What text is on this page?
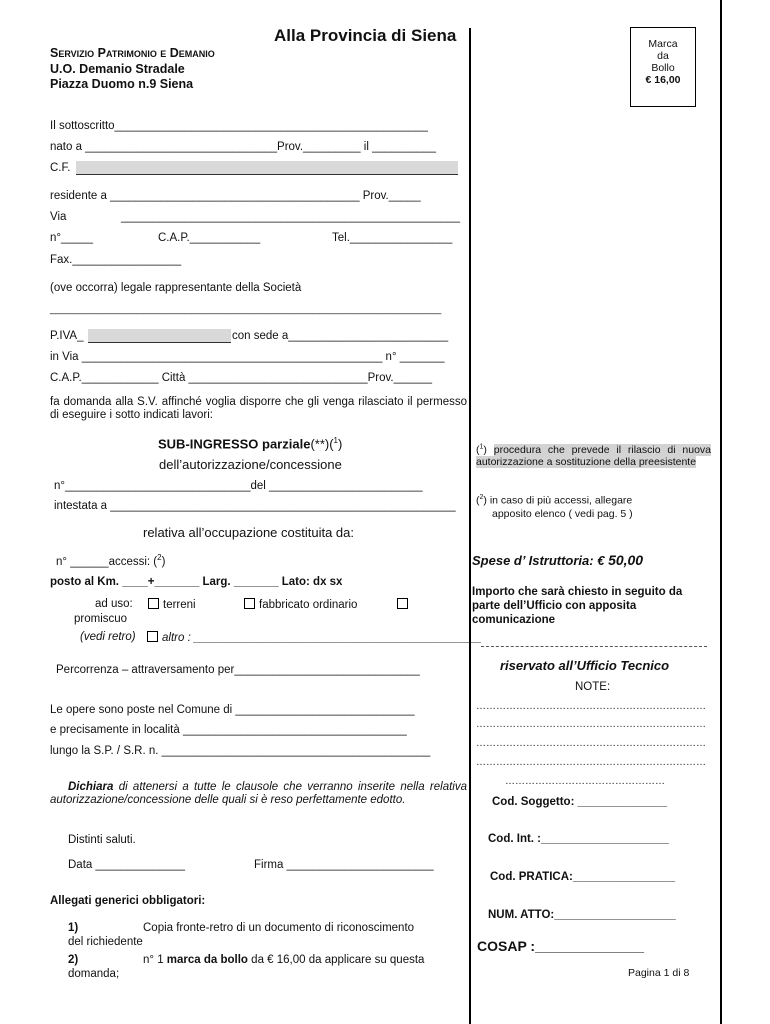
Alla Provincia di Siena
Servizio Patrimonio e Demanio
U.O. Demanio Stradale
Piazza Duomo n.9 Siena
Marca
da
Bollo
€ 16,00
Il sottoscritto_________________________________________________
nato a ______________________________Prov._________ il __________
C.F.
residente a _______________________________________ Prov._____
Via	_____________________________________________________
n°_____	C.A.P.___________	Tel.________________
Fax._________________
(ove occorra) legale rappresentante della Società
___________________________________________________________________
P.IVA_	con sede a_________________________
in Via _______________________________________________ n° _______
C.A.P.____________ Città ____________________________Prov.______
fa domanda alla S.V. affinché voglia disporre che gli venga rilasciato il permesso di eseguire i sotto indicati lavori:
SUB-INGRESSO parziale(**)($^1$)
dell’autorizzazione/concessione
n°_____________________________del ________________________
intestata a ______________________________________________________
relativa all’occupazione costituita da:
n° ______accessi: ($^2$)
posto al Km. ____+_______ Larg. _______ Lato: dx sx
ad uso:	terreni	fabbricato ordinario
promiscuo
(vedi retro)	altro : _____________________________________________
Percorrenza – attraversamento per_____________________________
Le opere sono poste nel Comune di ____________________________
e precisamente in località ___________________________________
lungo la S.P. / S.R. n. __________________________________________
Dichiara di attenersi a tutte le clausole che verranno inserite nella relativa autorizzazione/concessione delle quali si è reso perfettamente edotto.
Distinti saluti.
Data ______________	Firma _______________________
Allegati generici obbligatori:
1)	Copia fronte-retro di un documento di riconoscimento
del richiedente
2)	n° 1 marca da bollo da € 16,00 da applicare su questa
domanda;
($^1$) procedura che prevede il rilascio di nuova autorizzazione a sostituzione della preesistente
($^2$) in caso di più accessi, allegare
apposito elenco ( vedi pag. 5 )
Spese d’ Istruttoria: € 50,00
Importo che sarà chiesto in seguito da parte dell’Ufficio con apposita comunicazione
riservato all’Ufficio Tecnico
NOTE:
……………………………………………………………
……………………………………………………………
……………………………………………………………
……………………………………………………………
…………………………………………
Cod. Soggetto: ______________
Cod. Int. :____________________
Cod. PRATICA:________________
NUM. ATTO:___________________
COSAP :______________
Pagina 1 di 8
